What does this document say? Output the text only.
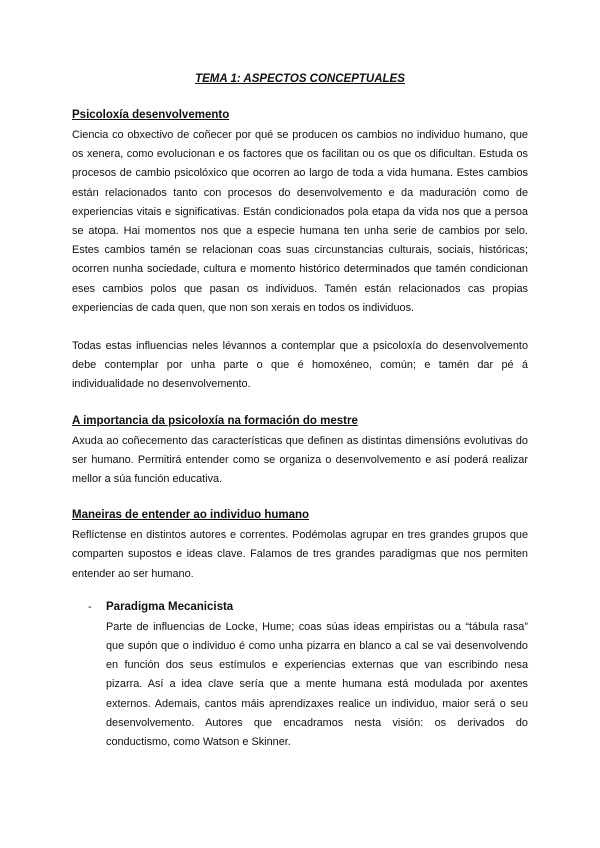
TEMA 1: ASPECTOS CONCEPTUALES
Psicoloxía desenvolvemento

Ciencia co obxectivo de coñecer por qué se producen os cambios no individuo humano, que os xenera, como evolucionan e os factores que os facilitan ou os que os dificultan. Estuda os procesos de cambio psicolóxico que ocorren ao largo de toda a vida humana. Estes cambios están relacionados tanto con procesos do desenvolvemento e da maduración como de experiencias vitais e significativas. Están condicionados pola etapa da vida nos que a persoa se atopa. Hai momentos nos que a especie humana ten unha serie de cambios por selo. Estes cambios tamén se relacionan coas suas circunstancias culturais, sociais, históricas; ocorren nunha sociedade, cultura e momento histórico determinados que tamén condicionan eses cambios polos que pasan os individuos. Tamén están relacionados cas propias experiencias de cada quen, que non son xerais en todos os individuos.

Todas estas influencias neles lévannos a contemplar que a psicoloxía do desenvolvemento debe contemplar por unha parte o que é homoxéneo, común; e tamén dar pé á individualidade no desenvolvemento.

A importancia da psicoloxía na formación do mestre

Axuda ao coñecemento das características que definen as distintas dimensións evolutivas do ser humano. Permitirá entender como se organiza o desenvolvemento e así poderá realizar mellor a súa función educativa.

Maneiras de entender ao individuo humano

Reflíctense en distintos autores e correntes. Podémolas agrupar en tres grandes grupos que comparten supostos e ideas clave. Falamos de tres grandes paradigmas que nos permiten entender ao ser humano.

- Paradigma Mecanicista

Parte de influencias de Locke, Hume; coas súas ideas empiristas ou a “tábula rasa” que supón que o individuo é como unha pizarra en blanco a cal se vai desenvolvendo en función dos seus estímulos e experiencias externas que van escribindo nesa pizarra. Así a idea clave sería que a mente humana está modulada por axentes externos. Ademais, cantos máis aprendizaxes realice un individuo, maior será o seu desenvolvemento. Autores que encadramos nesta visión: os derivados do conductismo, como Watson e Skinner.
